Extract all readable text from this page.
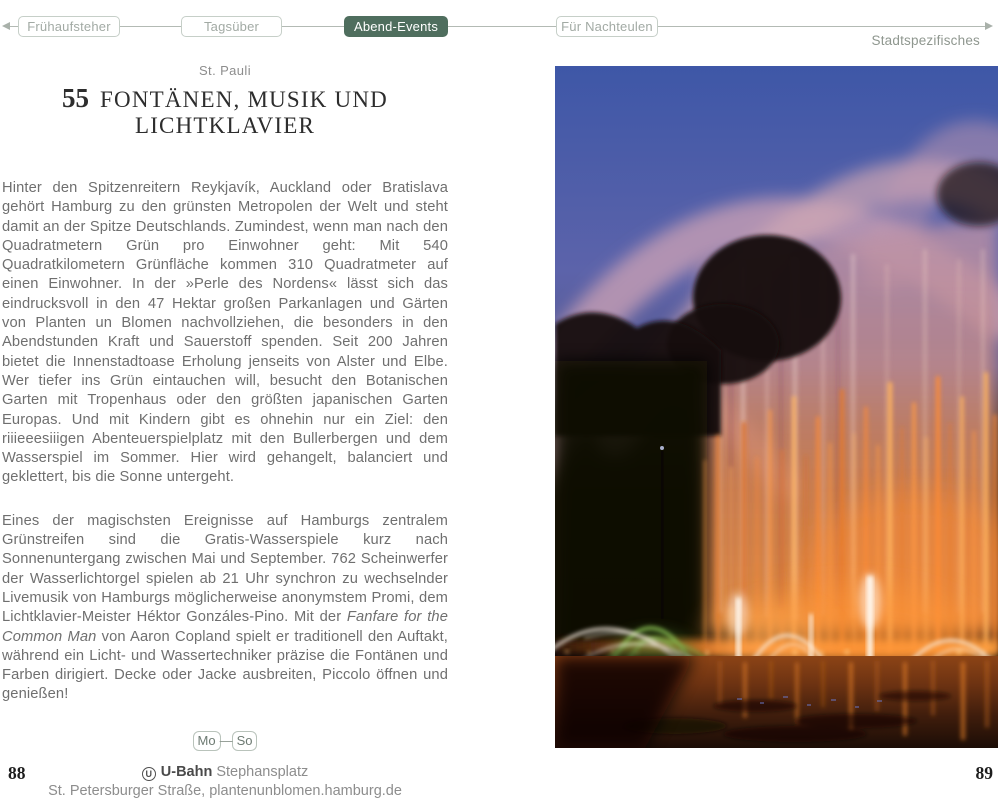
Frühaufsteher	Tagsüber	Abend-Events	Für Nachteulen
Stadtspezifisches
St. Pauli
55 FONTÄNEN, MUSIK UND
LICHTKLAVIER

Hinter den Spitzenreitern Reykjavík, Auckland oder Bratislava gehört Hamburg zu den grünsten Metropolen der Welt und steht damit an der Spitze Deutschlands. Zumindest, wenn man nach den Quadratmetern Grün pro Einwohner geht: Mit 540 Quadratkilometern Grünfläche kommen 310 Quadratmeter auf einen Einwohner. In der »Perle des Nordens« lässt sich das eindrucksvoll in den 47 Hektar großen Parkanlagen und Gärten von Planten un Blomen nachvollziehen, die besonders in den Abendstunden Kraft und Sauerstoff spenden. Seit 200 Jahren bietet die Innenstadtoase Erholung jenseits von Alster und Elbe. Wer tiefer ins Grün eintauchen will, besucht den Botanischen Garten mit Tropenhaus oder den größten japanischen Garten Europas. Und mit Kindern gibt es ohnehin nur ein Ziel: den riiieeesiiigen Abenteuerspielplatz mit den Bullerbergen und dem Wasserspiel im Sommer. Hier wird gehangelt, balanciert und geklettert, bis die Sonne untergeht.

Eines der magischsten Ereignisse auf Hamburgs zentralem Grünstreifen sind die Gratis-Wasserspiele kurz nach Sonnenuntergang zwischen Mai und September. 762 Scheinwerfer der Wasserlichtorgel spielen ab 21 Uhr synchron zu wechselnder Livemusik von Hamburgs möglicherweise anonymstem Promi, dem Lichtklavier-Meister Héktor Gonzáles-Pino. Mit der Fanfare for the Common Man von Aaron Copland spielt er traditionell den Auftakt, während ein Licht- und Wassertechniker präzise die Fontänen und Farben dirigiert. Decke oder Jacke ausbreiten, Piccolo öffnen und genießen!

Mo — So
U U-Bahn Stephansplatz
St. Petersburger Straße, plantenunblomen.hamburg.de
88	89
